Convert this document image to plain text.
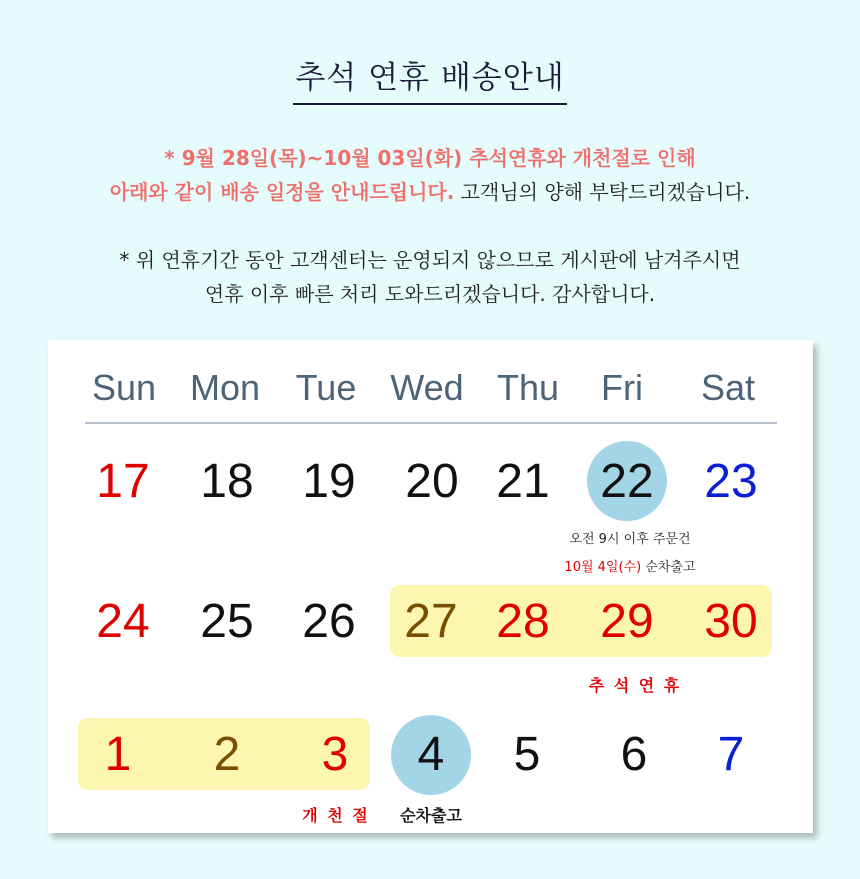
추석 연휴 배송안내
* 9월 28일(목)~10월 03일(화) 추석연휴와 개천절로 인해
아래와 같이 배송 일정을 안내드립니다. 고객님의 양해 부탁드리겠습니다.
* 위 연휴기간 동안 고객센터는 운영되지 않으므로 게시판에 남겨주시면
연휴 이후 빠른 처리 도와드리겠습니다. 감사합니다.
Sun Mon Tue Wed Thu	Fri	Sat
17	18	19	20 21	22	23
오전 9시 이후 주문건
10월 4일(수) 순차출고
24	25	26	27 28	29	30
추 석 연 휴
1	2	3	4	5	6	7
개 천 절	순차출고
